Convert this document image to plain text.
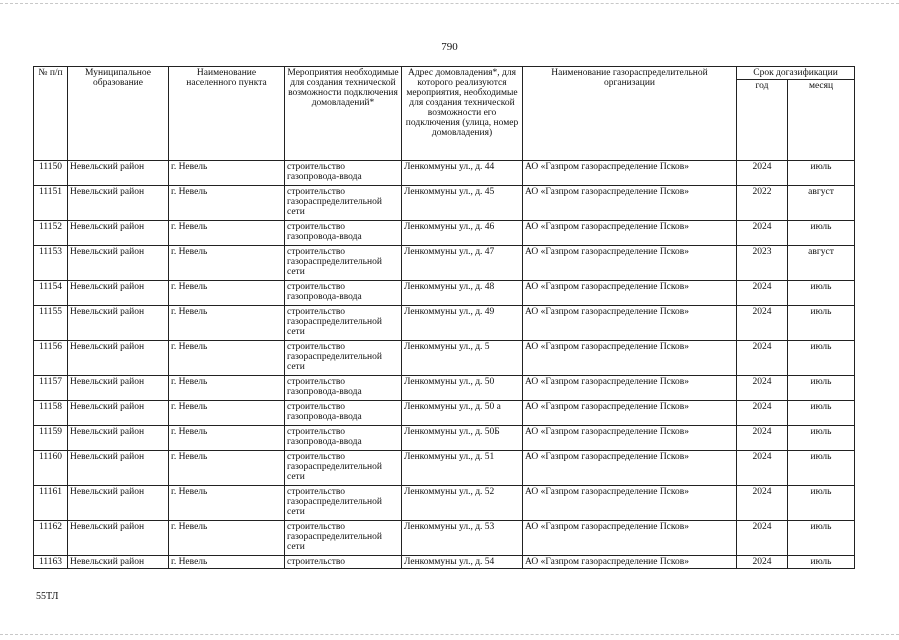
790
№ п/п	Муниципальное образование	Наименование населенного пункта	Мероприятия необходимые для создания технической возможности подключения домовладений*	Адрес домовладения*, для которого реализуются мероприятия, необходимые для создания технической возможности его подключения (улица, номер домовладения)	Наименование газораспределительной организации	Срок догазификации	
						год	месяц
11150	Невельский район	г. Невель	строительство газопровода-ввода	Ленкоммуны ул., д. 44	АО «Газпром газораспределение Псков»	2024	июль
11151	Невельский район	г. Невель	строительство газораспределительной сети	Ленкоммуны ул., д. 45	АО «Газпром газораспределение Псков»	2022	август
11152	Невельский район	г. Невель	строительство газопровода-ввода	Ленкоммуны ул., д. 46	АО «Газпром газораспределение Псков»	2024	июль
11153	Невельский район	г. Невель	строительство газораспределительной сети	Ленкоммуны ул., д. 47	АО «Газпром газораспределение Псков»	2023	август
11154	Невельский район	г. Невель	строительство газопровода-ввода	Ленкоммуны ул., д. 48	АО «Газпром газораспределение Псков»	2024	июль
11155	Невельский район	г. Невель	строительство газораспределительной сети	Ленкоммуны ул., д. 49	АО «Газпром газораспределение Псков»	2024	июль
11156	Невельский район	г. Невель	строительство газораспределительной сети	Ленкоммуны ул., д. 5	АО «Газпром газораспределение Псков»	2024	июль
11157	Невельский район	г. Невель	строительство газопровода-ввода	Ленкоммуны ул., д. 50	АО «Газпром газораспределение Псков»	2024	июль
11158	Невельский район	г. Невель	строительство газопровода-ввода	Ленкоммуны ул., д. 50 а	АО «Газпром газораспределение Псков»	2024	июль
11159	Невельский район	г. Невель	строительство газопровода-ввода	Ленкоммуны ул., д. 50Б	АО «Газпром газораспределение Псков»	2024	июль
11160	Невельский район	г. Невель	строительство газораспределительной сети	Ленкоммуны ул., д. 51	АО «Газпром газораспределение Псков»	2024	июль
11161	Невельский район	г. Невель	строительство газораспределительной сети	Ленкоммуны ул., д. 52	АО «Газпром газораспределение Псков»	2024	июль
11162	Невельский район	г. Невель	строительство газораспределительной сети	Ленкоммуны ул., д. 53	АО «Газпром газораспределение Псков»	2024	июль
11163	Невельский район	г. Невель	строительство	Ленкоммуны ул., д. 54	АО «Газпром газораспределение Псков»	2024	июль
55ТЛ
